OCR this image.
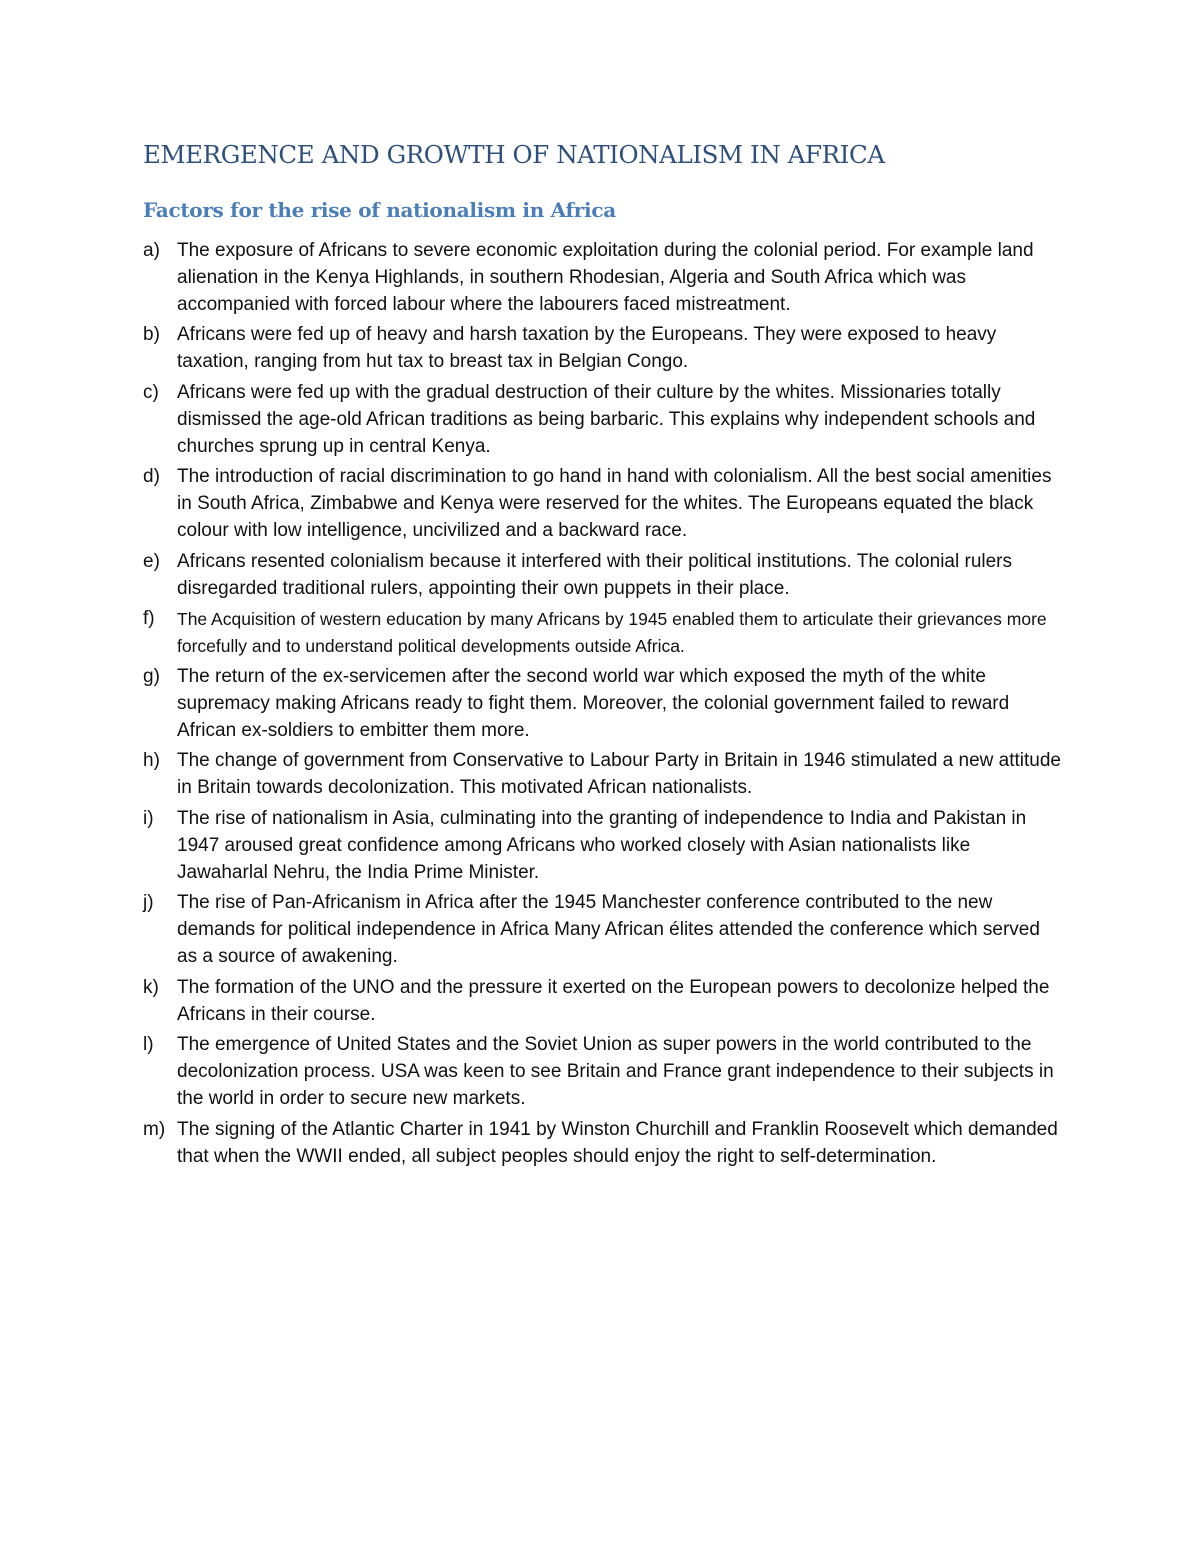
EMERGENCE AND GROWTH OF NATIONALISM IN AFRICA
Factors for the rise of nationalism in Africa
a) The exposure of Africans to severe economic exploitation during the colonial period. For example land alienation in the Kenya Highlands, in southern Rhodesian, Algeria and South Africa which was accompanied with forced labour where the labourers faced mistreatment.
b) Africans were fed up of heavy and harsh taxation by the Europeans. They were exposed to heavy taxation, ranging from hut tax to breast tax in Belgian Congo.
c) Africans were fed up with the gradual destruction of their culture by the whites. Missionaries totally dismissed the age-old African traditions as being barbaric. This explains why independent schools and churches sprung up in central Kenya.
d) The introduction of racial discrimination to go hand in hand with colonialism. All the best social amenities in South Africa, Zimbabwe and Kenya were reserved for the whites. The Europeans equated the black colour with low intelligence, uncivilized and a backward race.
e) Africans resented colonialism because it interfered with their political institutions. The colonial rulers disregarded traditional rulers, appointing their own puppets in their place.
f) The Acquisition of western education by many Africans by 1945 enabled them to articulate their grievances more forcefully and to understand political developments outside Africa.
g) The return of the ex-servicemen after the second world war which exposed the myth of the white supremacy making Africans ready to fight them. Moreover, the colonial government failed to reward African ex-soldiers to embitter them more.
h) The change of government from Conservative to Labour Party in Britain in 1946 stimulated a new attitude in Britain towards decolonization. This motivated African nationalists.
i) The rise of nationalism in Asia, culminating into the granting of independence to India and Pakistan in 1947 aroused great confidence among Africans who worked closely with Asian nationalists like Jawaharlal Nehru, the India Prime Minister.
j) The rise of Pan-Africanism in Africa after the 1945 Manchester conference contributed to the new demands for political independence in Africa Many African élites attended the conference which served as a source of awakening.
k) The formation of the UNO and the pressure it exerted on the European powers to decolonize helped the Africans in their course.
l) The emergence of United States and the Soviet Union as super powers in the world contributed to the decolonization process. USA was keen to see Britain and France grant independence to their subjects in the world in order to secure new markets.
m) The signing of the Atlantic Charter in 1941 by Winston Churchill and Franklin Roosevelt which demanded that when the WWII ended, all subject peoples should enjoy the right to self-determination.
